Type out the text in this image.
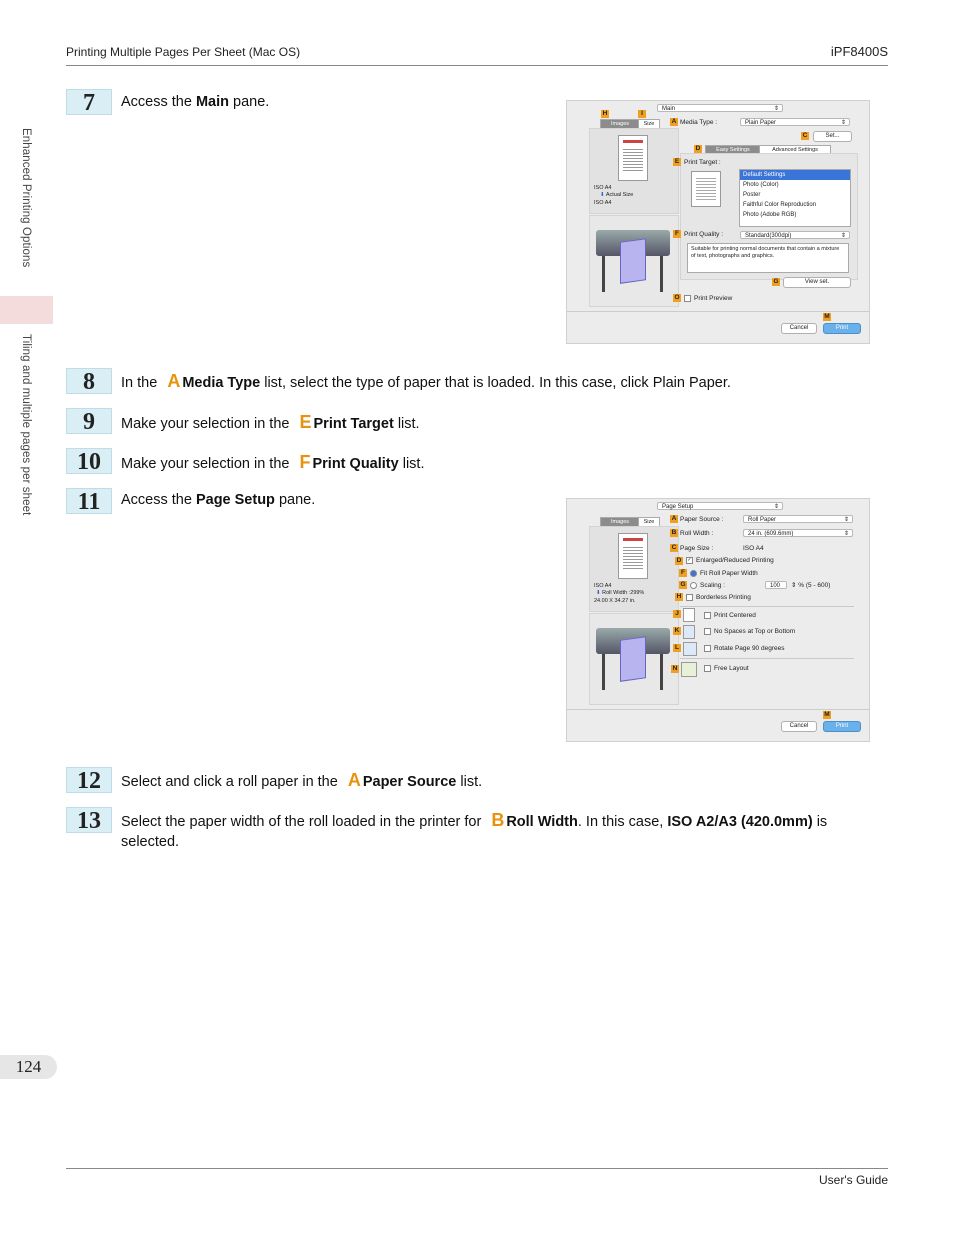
Printing Multiple Pages Per Sheet (Mac OS)	iPF8400S
Enhanced Printing Options
Tiling and multiple pages per sheet
7	Access the Main pane.	Main	⇕
H	I
Images	Size
ISO A4
⬇ Actual Size
ISO A4
A Media Type :	Plain Paper	⇕
C	Set...
D	Easy Settings	Advanced Settings
E Print Target :
Default Settings
Photo (Color)
Poster
Faithful Color Reproduction
Photo (Adobe RGB)
F Print Quality :	Standard(300dpi)	⇕
Suitable for printing normal documents that contain a mixture of text, photographs and graphics.
G	View set.
O	Print Preview
M
Cancel	Print
8	In the A Media Type list, select the type of paper that is loaded. In this case, click Plain Paper.
9	Make your selection in the E Print Target list.
10	Make your selection in the F Print Quality list.
11	Access the Page Setup pane.	Page Setup	⇕
Images	Size
ISO A4
⬇ Roll Width :299%
24.00 X 34.27 in.
A Paper Source :	Roll Paper	⇕
B Roll Width :	24 in. (609.6mm)	⇕
C Page Size :	ISO A4
D	✓ Enlarged/Reduced Printing
F	Fit Roll Paper Width
G	Scaling :	100	⇕ % (5 - 600)
H	Borderless Printing
J	Print Centered
K	No Spaces at Top or Bottom
L	Rotate Page 90 degrees
N	Free Layout
M
Cancel	Print
12	Select and click a roll paper in the A Paper Source list.
13	Select the paper width of the roll loaded in the printer for B Roll Width. In this case, ISO A2/A3 (420.0mm) is
selected.
124
User's Guide
